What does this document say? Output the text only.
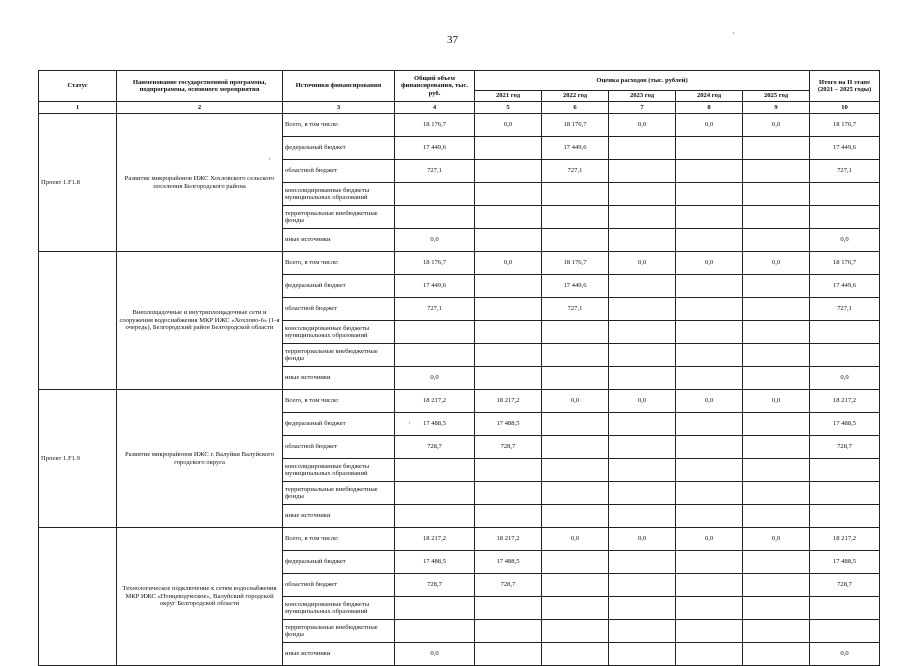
37
Статус	Наименование государственной программы, подпрограммы, основного мероприятия	Источники финансирования	Общий объем финансирования, тыс. руб.	Оценка расходов (тыс. рублей)					Итого на II этапе (2021 – 2025 годы)
				2021 год	2022 год	2023 год	2024 год	2025 год	
1	2	3	4	5	6	7	8	9	10
Проект 1.F1.8	Развитие микрорайонов ИЖС Хохловского сельского поселения Белгородского района	Всего, в том числе:	18 176,7	0,0	18 176,7	0,0	0,0	0,0	18 176,7
		федеральный бюджет	17 449,6		17 449,6				17 449,6
		областной бюджет	727,1		727,1				727,1
		консолидированные бюджеты муниципальных образований							
		территориальные внебюджетные фонды							
		иные источники	0,0						0,0
	Внеплощадочные и внутриплощадочные сети и сооружения водоснабжения МКР ИЖС «Хохлово-6» (1-я очередь), Белгородский район Белгородской области	Всего, в том числе:	18 176,7	0,0	18 176,7	0,0	0,0	0,0	18 176,7
		федеральный бюджет	17 449,6		17 449,6				17 449,6
		областной бюджет	727,1		727,1				727,1
		консолидированные бюджеты муниципальных образований							
		территориальные внебюджетные фонды							
		иные источники	0,0						0,0
Проект 1.F1.9	Развитие микрорайонов ИЖС г. Валуйки Валуйского городского округа	Всего, в том числе:	18 217,2	18 217,2	0,0	0,0	0,0	0,0	18 217,2
		федеральный бюджет	17 488,5	17 488,5					17 488,5
		областной бюджет	728,7	728,7					728,7
		консолидированные бюджеты муниципальных образований							
		территориальные внебюджетные фонды							
		иные источники							
	Технологическое подключение к сетям водоснабжения МКР ИЖС «Птицеводческое», Валуйский городской округ Белгородской области	Всего, в том числе:	18 217,2	18 217,2	0,0	0,0	0,0	0,0	18 217,2
		федеральный бюджет	17 488,5	17 488,5					17 488,5
		областной бюджет	728,7	728,7					728,7
		консолидированные бюджеты муниципальных образований							
		территориальные внебюджетные фонды							
		иные источники	0,0						0,0
·
·
·
